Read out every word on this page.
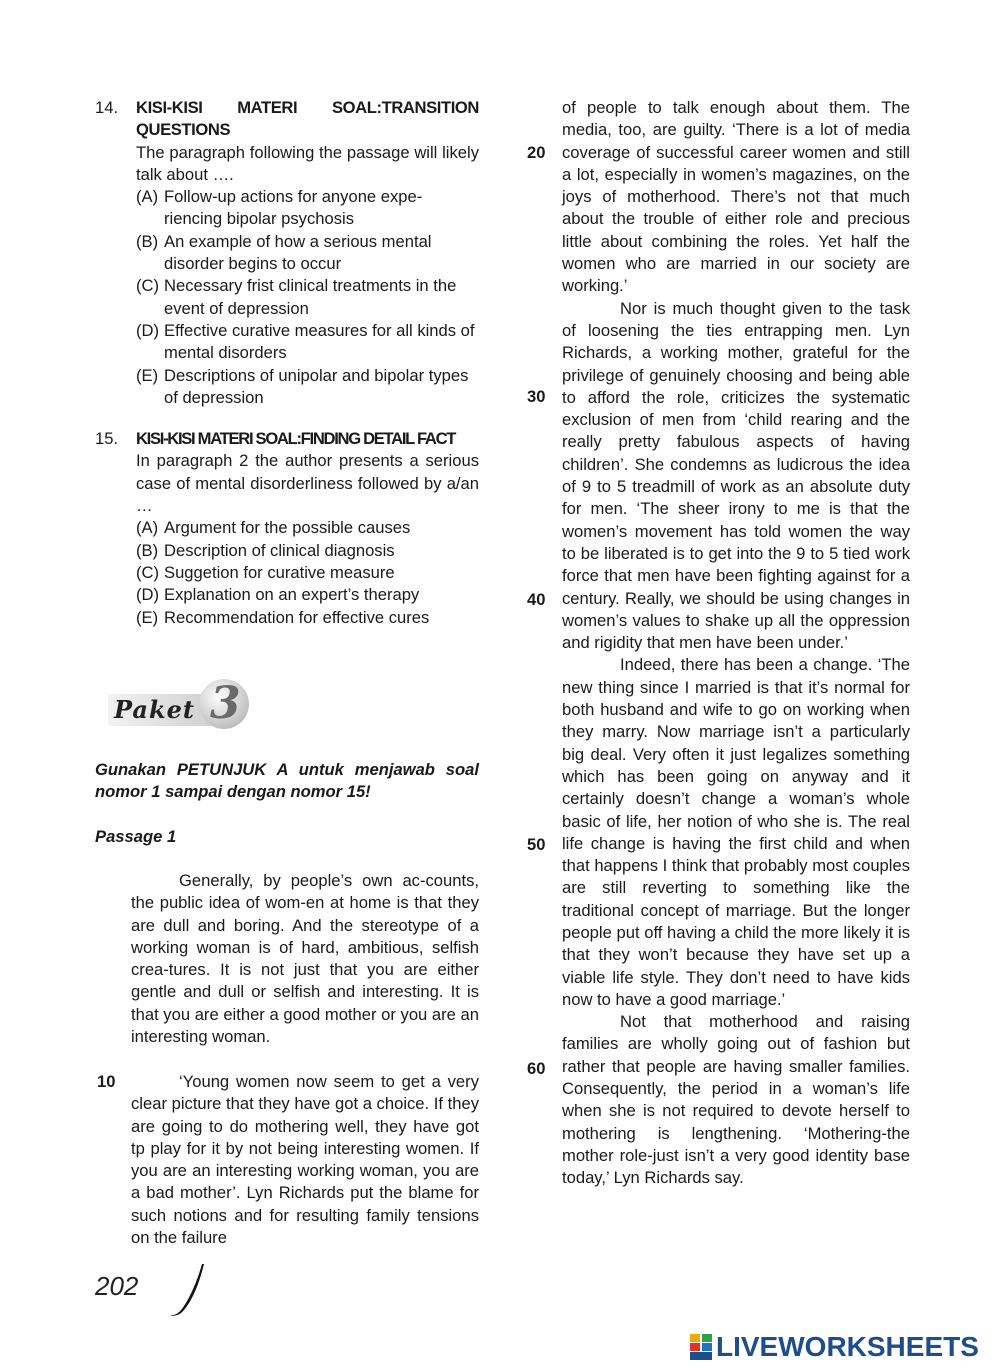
14. KISI-KISI MATERI SOAL:TRANSITION QUESTIONS
The paragraph following the passage will likely talk about ….
(A) Follow-up actions for anyone expe-riencing bipolar psychosis
(B) An example of how a serious mental disorder begins to occur
(C) Necessary frist clinical treatments in the event of depression
(D) Effective curative measures for all kinds of mental disorders
(E) Descriptions of unipolar and bipolar types of depression
15. KISI-KISI MATERI SOAL:FINDING DETAIL FACT
In paragraph 2 the author presents a serious case of mental disorderliness followed by a/an …
(A) Argument for the possible causes
(B) Description of clinical diagnosis
(C) Suggetion for curative measure
(D) Explanation on an expert’s therapy
(E) Recommendation for effective cures
Paket 3
Gunakan PETUNJUK A untuk menjawab soal nomor 1 sampai dengan nomor 15!
Passage 1
Generally, by people’s own ac-counts, the public idea of wom-en at home is that they are dull and boring. And the stereotype of a working woman is of hard, ambitious, selfish crea-tures. It is not just that you are either gentle and dull or selfish and interesting. It is that you are either a good mother or you are an interesting woman.
‘Young women now seem to get a very clear picture that they have got a choice. If they are going to do mothering well, they have got tp play for it by not being interesting women. If you are an interesting working woman, you are a bad mother’. Lyn Richards put the blame for such notions and for resulting family tensions on the failure
10

of people to talk enough about them. The media, too, are guilty. ‘There is a lot of media coverage of successful career women and still a lot, especially in women’s magazines, on the joys of motherhood. There’s not that much about the trouble of either role and precious little about combining the roles. Yet half the women who are married in our society are working.’

Nor is much thought given to the task of loosening the ties entrapping men. Lyn Richards, a working mother, grateful for the privilege of genuinely choosing and being able to afford the role, criticizes the systematic exclusion of men from ‘child rearing and the really pretty fabulous aspects of having children’. She condemns as ludicrous the idea of 9 to 5 treadmill of work as an absolute duty for men. ‘The sheer irony to me is that the women’s movement has told women the way to be liberated is to get into the 9 to 5 tied work force that men have been fighting against for a century. Really, we should be using changes in women’s values to shake up all the oppression and rigidity that men have been under.’

Indeed, there has been a change. ‘The new thing since I married is that it’s normal for both husband and wife to go on working when they marry. Now marriage isn’t a particularly big deal. Very often it just legalizes something which has been going on anyway and it certainly doesn’t change a woman’s whole basic of life, her notion of who she is. The real life change is having the first child and when that happens I think that probably most couples are still reverting to something like the traditional concept of marriage. But the longer people put off having a child the more likely it is that they won’t because they have set up a viable life style. They don’t need to have kids now to have a good marriage.’

Not that motherhood and raising families are wholly going out of fashion but rather that people are having smaller families. Consequently, the period in a woman’s life when she is not required to devote herself to mothering is lengthening. ‘Mothering-the mother role-just isn’t a very good identity base today,’ Lyn Richards say.

20
30
40
50
60
202
LIVEWORKSHEETS
